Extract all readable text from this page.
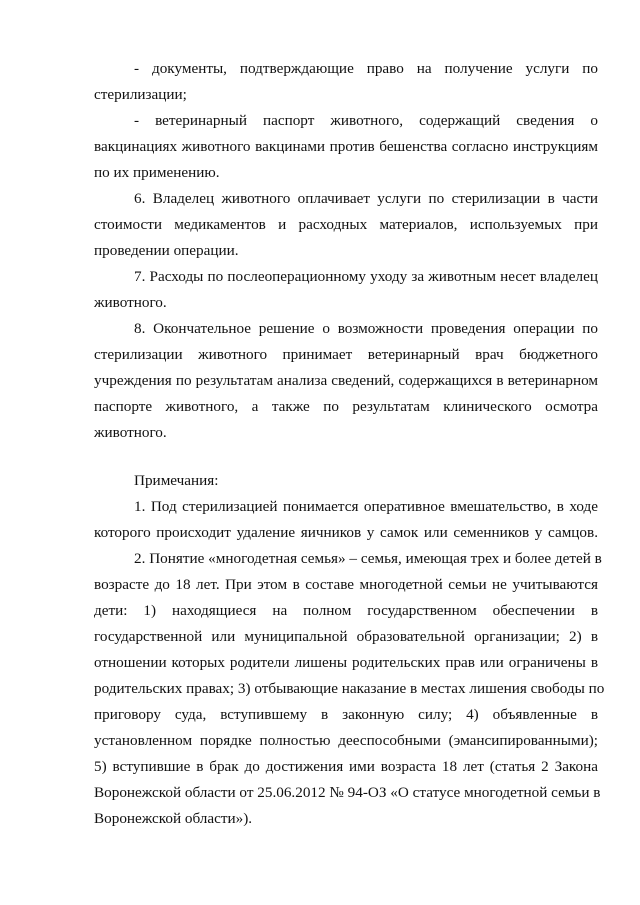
- документы, подтверждающие право на получение услуги по
стерилизации;
- ветеринарный паспорт животного, содержащий сведения о
вакцинациях животного вакцинами против бешенства согласно инструкциям
по их применению.
6. Владелец животного оплачивает услуги по стерилизации в части
стоимости медикаментов и расходных материалов, используемых при
проведении операции.
7. Расходы по послеоперационному уходу за животным несет владелец
животного.
8. Окончательное решение о возможности проведения операции по
стерилизации животного принимает ветеринарный врач бюджетного
учреждения по результатам анализа сведений, содержащихся в ветеринарном
паспорте животного, а также по результатам клинического осмотра
животного.
Примечания:
1. Под стерилизацией понимается оперативное вмешательство, в ходе
которого происходит удаление яичников у самок или семенников у самцов.
2. Понятие «многодетная семья» – семья, имеющая трех и более детей в
возрасте до 18 лет. При этом в составе многодетной семьи не учитываются
дети: 1) находящиеся на полном государственном обеспечении в
государственной или муниципальной образовательной организации; 2) в
отношении которых родители лишены родительских прав или ограничены в
родительских правах; 3) отбывающие наказание в местах лишения свободы по
приговору суда, вступившему в законную силу; 4) объявленные в
установленном порядке полностью дееспособными (эмансипированными);
5) вступившие в брак до достижения ими возраста 18 лет (статья 2 Закона
Воронежской области от 25.06.2012 № 94-ОЗ «О статусе многодетной семьи в
Воронежской области»).
